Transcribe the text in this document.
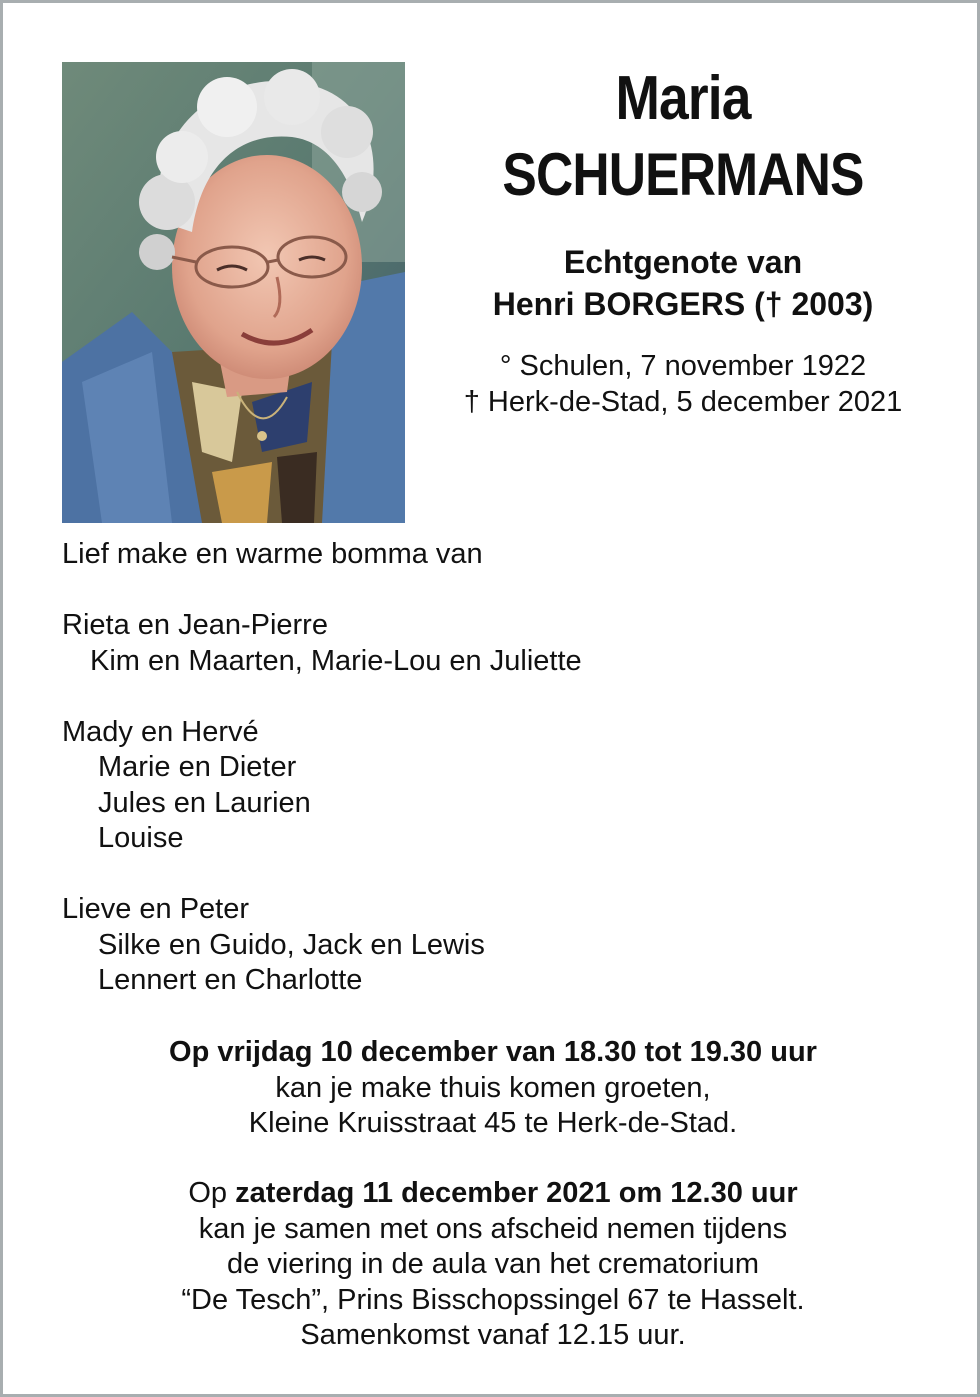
Maria
SCHUERMANS
Echtgenote van
Henri BORGERS († 2003)
° Schulen, 7 november 1922
† Herk-de-Stad, 5 december 2021
Lief make en warme bomma van
Rieta en Jean-Pierre
Kim en Maarten, Marie-Lou en Juliette
Mady en Hervé
Marie en Dieter
Jules en Laurien
Louise
Lieve en Peter
Silke en Guido, Jack en Lewis
Lennert en Charlotte
Op vrijdag 10 december van 18.30 tot 19.30 uur
kan je make thuis komen groeten,
Kleine Kruisstraat 45 te Herk-de-Stad.
Op zaterdag 11 december 2021 om 12.30 uur
kan je samen met ons afscheid nemen tijdens
de viering in de aula van het crematorium
“De Tesch”, Prins Bisschopssingel 67 te Hasselt.
Samenkomst vanaf 12.15 uur.
